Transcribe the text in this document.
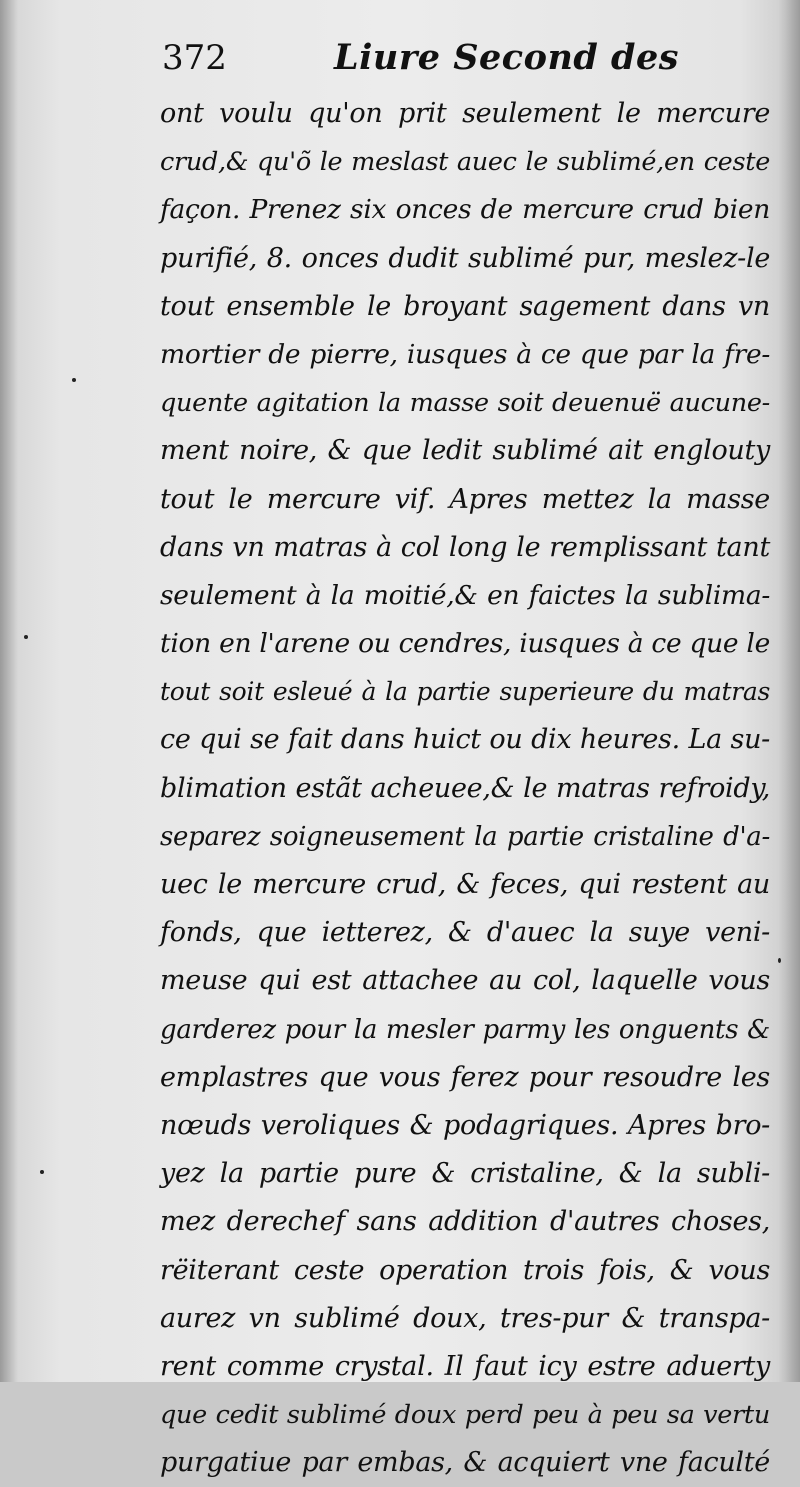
372	Liure Second des
ont voulu qu'on prit seulement le mercure
crud,& qu'õ le meslast auec le sublimé,en ceste
façon. Prenez six onces de mercure crud bien
purifié, 8. onces dudit sublimé pur, meslez-le
tout ensemble le broyant sagement dans vn
mortier de pierre, iusques à ce que par la fre-
quente agitation la masse soit deuenuë aucune-
ment noire, & que ledit sublimé ait englouty
tout le mercure vif. Apres mettez la masse
dans vn matras à col long le remplissant tant
seulement à la moitié,& en faictes la sublima-
tion en l'arene ou cendres, iusques à ce que le
tout soit esleué à la partie superieure du matras
ce qui se fait dans huict ou dix heures. La su-
blimation estãt acheuee,& le matras refroidy,
separez soigneusement la partie cristaline d'a-
uec le mercure crud, & feces, qui restent au
fonds, que ietterez, & d'auec la suye veni-
meuse qui est attachee au col, laquelle vous
garderez pour la mesler parmy les onguents &
emplastres que vous ferez pour resoudre les
nœuds veroliques & podagriques. Apres bro-
yez la partie pure & cristaline, & la subli-
mez derechef sans addition d'autres choses,
rëiterant ceste operation trois fois, & vous
aurez vn sublimé doux, tres-pur & transpa-
rent comme crystal. Il faut icy estre aduerty
que cedit sublimé doux perd peu à peu sa vertu
purgatiue par embas, & acquiert vne faculté
